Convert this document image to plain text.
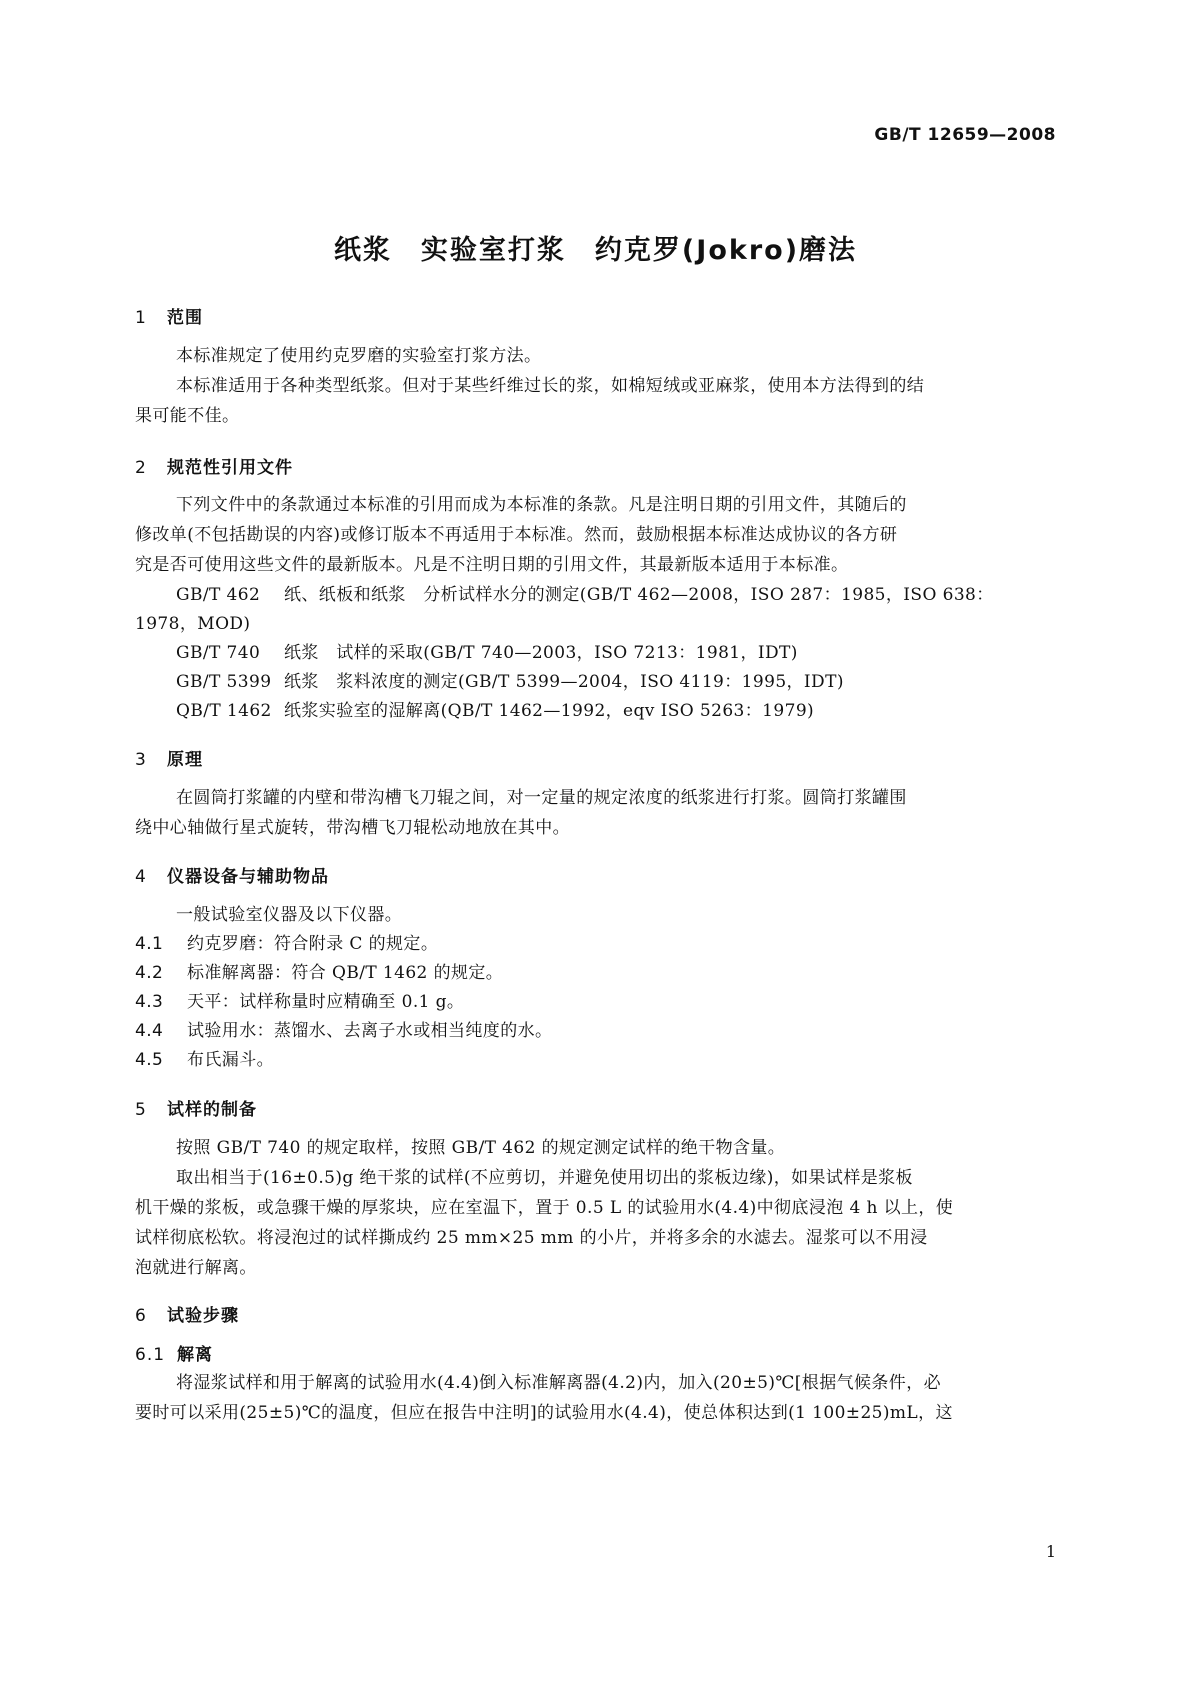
GB/T 12659—2008
纸浆　实验室打浆　约克罗(Jokro)磨法
1 范围
本标准规定了使用约克罗磨的实验室打浆方法。
本标准适用于各种类型纸浆。但对于某些纤维过长的浆，如棉短绒或亚麻浆，使用本方法得到的结
果可能不佳。
2 规范性引用文件
下列文件中的条款通过本标准的引用而成为本标准的条款。凡是注明日期的引用文件，其随后的
修改单(不包括勘误的内容)或修订版本不再适用于本标准。然而，鼓励根据本标准达成协议的各方研
究是否可使用这些文件的最新版本。凡是不注明日期的引用文件，其最新版本适用于本标准。
GB/T 462 纸、纸板和纸浆　分析试样水分的测定(GB/T 462—2008，ISO 287：1985，ISO 638：
1978，MOD)
GB/T 740 纸浆　试样的采取(GB/T 740—2003，ISO 7213：1981，IDT)
GB/T 5399 纸浆　浆料浓度的测定(GB/T 5399—2004，ISO 4119：1995，IDT)
QB/T 1462 纸浆实验室的湿解离(QB/T 1462—1992，eqv ISO 5263：1979)
3 原理
在圆筒打浆罐的内壁和带沟槽飞刀辊之间，对一定量的规定浓度的纸浆进行打浆。圆筒打浆罐围
绕中心轴做行星式旋转，带沟槽飞刀辊松动地放在其中。
4 仪器设备与辅助物品
一般试验室仪器及以下仪器。
4.1 约克罗磨：符合附录 C 的规定。
4.2 标准解离器：符合 QB/T 1462 的规定。
4.3 天平：试样称量时应精确至 0.1 g。
4.4 试验用水：蒸馏水、去离子水或相当纯度的水。
4.5 布氏漏斗。
5 试样的制备
按照 GB/T 740 的规定取样，按照 GB/T 462 的规定测定试样的绝干物含量。
取出相当于(16±0.5)g 绝干浆的试样(不应剪切，并避免使用切出的浆板边缘)，如果试样是浆板
机干燥的浆板，或急骤干燥的厚浆块，应在室温下，置于 0.5 L 的试验用水(4.4)中彻底浸泡 4 h 以上，使
试样彻底松软。将浸泡过的试样撕成约 25 mm×25 mm 的小片，并将多余的水滤去。湿浆可以不用浸
泡就进行解离。
6 试验步骤
6.1 解离
将湿浆试样和用于解离的试验用水(4.4)倒入标准解离器(4.2)内，加入(20±5)℃[根据气候条件，必
要时可以采用(25±5)℃的温度，但应在报告中注明]的试验用水(4.4)，使总体积达到(1 100±25)mL，这
1
